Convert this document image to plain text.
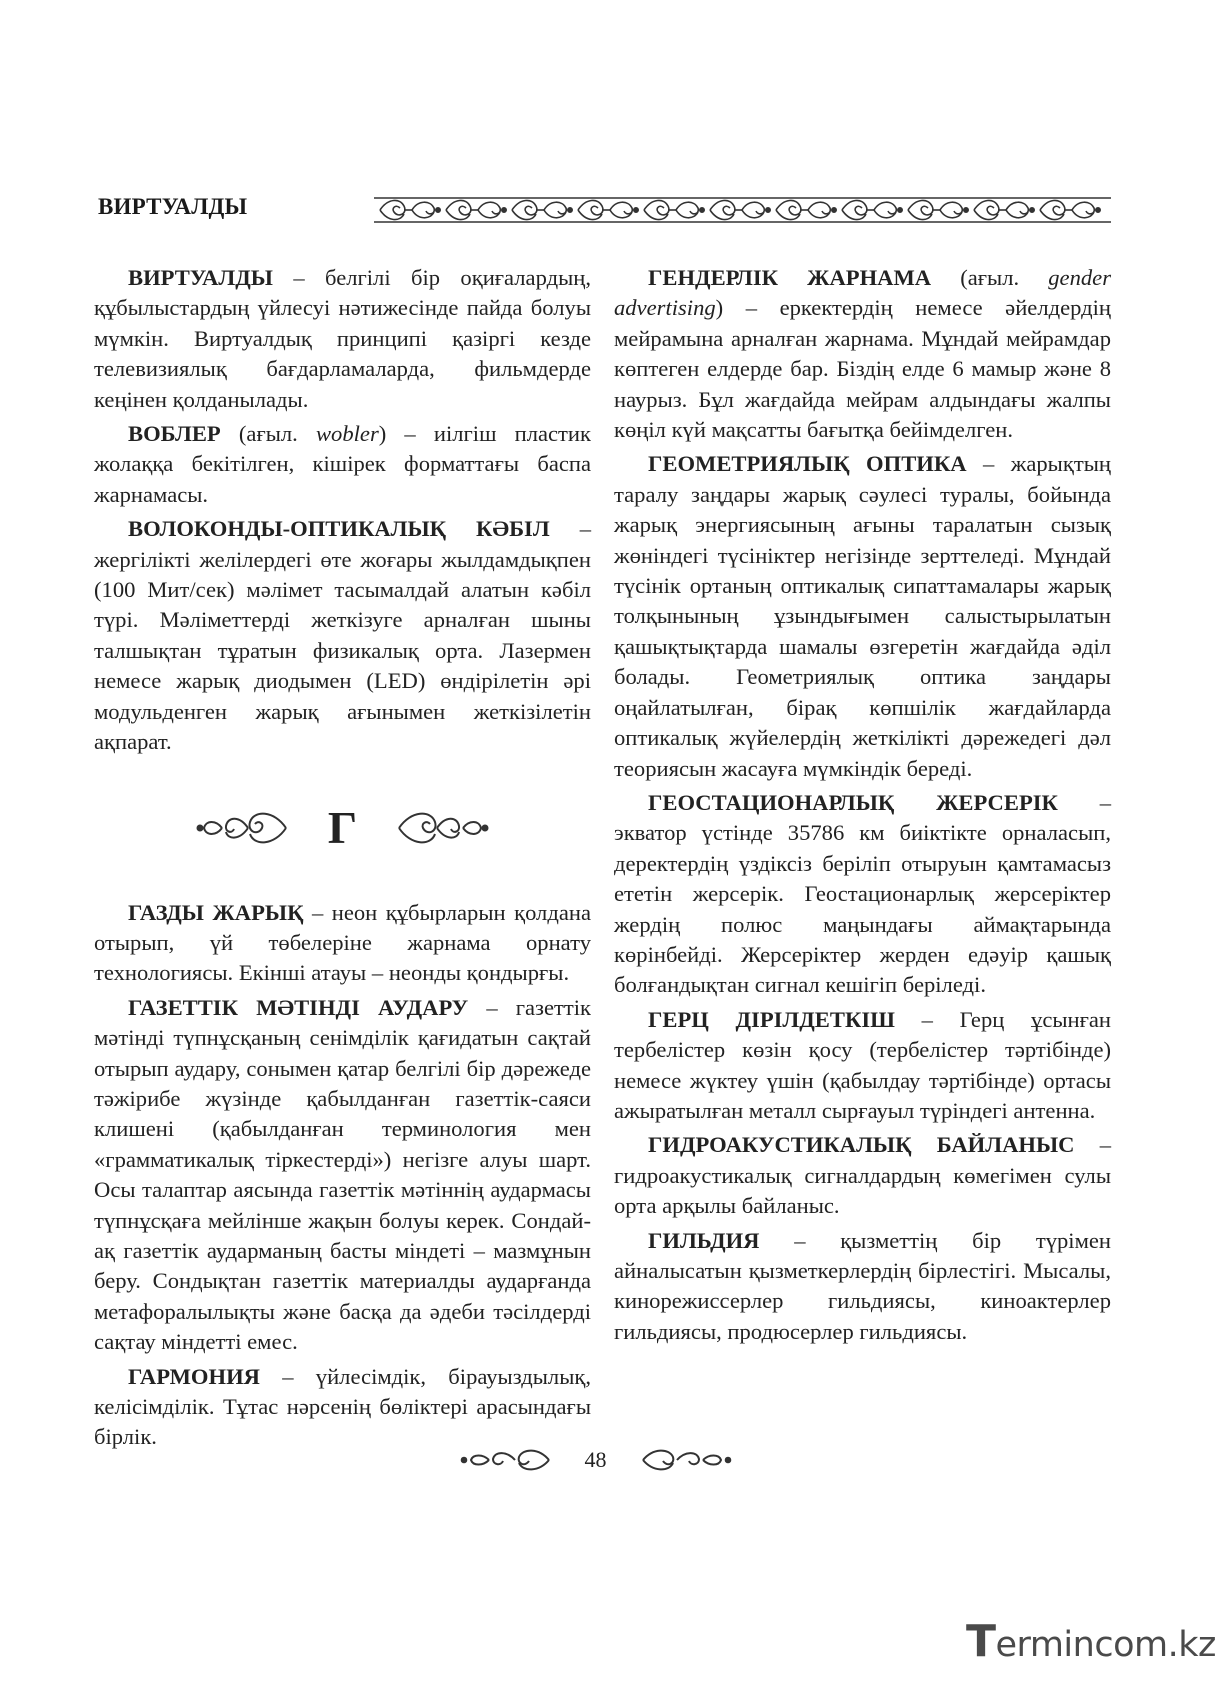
ВИРТУАЛДЫ

ВИРТУАЛДЫ – белгілі бір оқиғалардың, құбылыстардың үйлесуі нәтижесінде пайда болуы мүмкін. Виртуалдық принципі қазіргі кезде телевизиялық бағдарламаларда, фильмдерде кеңінен қолданылады.

ВОБЛЕР (ағыл. wobler) – иілгіш пластик жолаққа бекітілген, кішірек форматтағы баспа жарнамасы.

ВОЛОКОНДЫ-ОПТИКАЛЫҚ КӘБІЛ – жергілікті желілердегі өте жоғары жылдамдықпен (100 Мит/сек) мәлімет тасымалдай алатын кәбіл түрі. Мәліметтерді жеткізуге арналған шыны талшықтан тұратын физикалық орта. Лазермен немесе жарық диодымен (LED) өндірілетін әрі модульденген жарық ағынымен жеткізілетін ақпарат.

Г

ГАЗДЫ ЖАРЫҚ – неон құбырларын қолдана отырып, үй төбелеріне жарнама орнату технологиясы. Екінші атауы – неонды қондырғы.

ГАЗЕТТІК МӘТІНДІ АУДАРУ – газеттік мәтінді түпнұсқаның сенімділік қағидатын сақтай отырып аудару, сонымен қатар белгілі бір дәрежеде тәжірибе жүзінде қабылданған газеттік-саяси клишені (қабылданған терминология мен «грамматикалық тіркестерді») негізге алуы шарт. Осы талаптар аясында газеттік мәтіннің аудармасы түпнұсқаға мейлінше жақын болуы керек. Сондай-ақ газеттік аударманың басты міндеті – мазмұнын беру. Сондықтан газеттік материалды аударғанда метафоралылықты және басқа да әдеби тәсілдерді сақтау міндетті емес.

ГАРМОНИЯ – үйлесімдік, бірауыздылық, келісімділік. Тұтас нәрсенің бөліктері арасындағы бірлік.

ГЕНДЕРЛІК ЖАРНАМА (ағыл. gender advertising) – еркектердің немесе әйелдердің мейрамына арналған жарнама. Мұндай мейрамдар көптеген елдерде бар. Біздің елде 6 мамыр және 8 наурыз. Бұл жағдайда мейрам алдындағы жалпы көңіл күй мақсатты бағытқа бейімделген.

ГЕОМЕТРИЯЛЫҚ ОПТИКА – жарықтың таралу заңдары жарық сәулесі туралы, бойында жарық энергиясының ағыны таралатын сызық жөніндегі түсініктер негізінде зерттеледі. Мұндай түсінік ортаның оптикалық сипаттамалары жарық толқынының ұзындығымен салыстырылатын қашықтықтарда шамалы өзгеретін жағдайда әділ болады. Геометриялық оптика заңдары оңайлатылған, бірақ көпшілік жағдайларда оптикалық жүйелердің жеткілікті дәрежедегі дәл теориясын жасауға мүмкіндік береді.

ГЕОСТАЦИОНАРЛЫҚ ЖЕРСЕРІК – экватор үстінде 35786 км биіктікте орналасып, деректердің үздіксіз беріліп отыруын қамтамасыз ететін жерсерік. Геостационарлық жерсеріктер жердің полюс маңындағы аймақтарында көрінбейді. Жерсеріктер жерден едәуір қашық болғандықтан сигнал кешігіп беріледі.

ГЕРЦ ДІРІЛДЕТКІШ – Герц ұсынған тербелістер көзін қосу (тербелістер тәртібінде) немесе жүктеу үшін (қабылдау тәртібінде) ортасы ажыратылған металл сырғауыл түріндегі антенна.

ГИДРОАКУСТИКАЛЫҚ БАЙЛАНЫС – гидроакустикалық сигналдардың көмегімен сулы орта арқылы байланыс.

ГИЛЬДИЯ – қызметтің бір түрімен айналысатын қызметкерлердің бірлестігі. Мысалы, кинорежиссерлер гильдиясы, киноактерлер гильдиясы, продюсерлер гильдиясы.

48
Termincom.kz
